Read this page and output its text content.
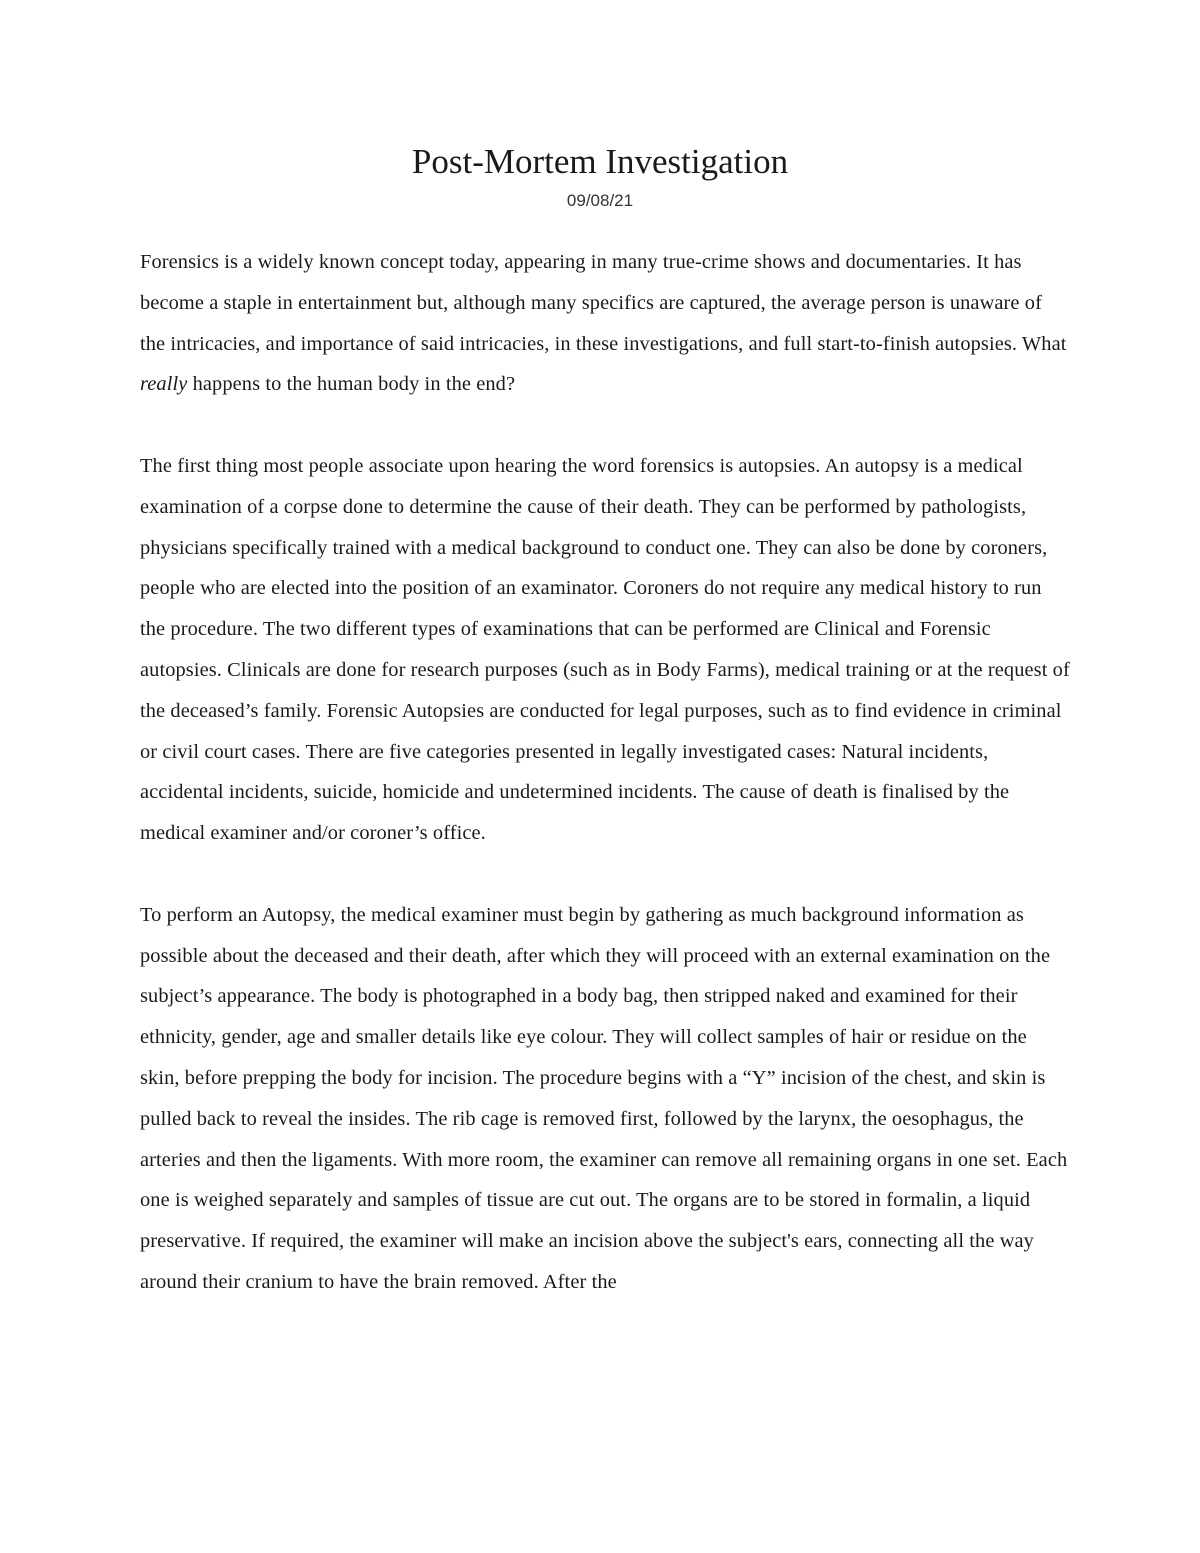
Post-Mortem Investigation
09/08/21

Forensics is a widely known concept today, appearing in many true-crime shows and documentaries. It has become a staple in entertainment but, although many specifics are captured, the average person is unaware of the intricacies, and importance of said intricacies, in these investigations, and full start-to-finish autopsies. What really happens to the human body in the end?

The first thing most people associate upon hearing the word forensics is autopsies. An autopsy is a medical examination of a corpse done to determine the cause of their death. They can be performed by pathologists, physicians specifically trained with a medical background to conduct one. They can also be done by coroners, people who are elected into the position of an examinator. Coroners do not require any medical history to run the procedure. The two different types of examinations that can be performed are Clinical and Forensic autopsies. Clinicals are done for research purposes (such as in Body Farms), medical training or at the request of the deceased’s family. Forensic Autopsies are conducted for legal purposes, such as to find evidence in criminal or civil court cases. There are five categories presented in legally investigated cases: Natural incidents, accidental incidents, suicide, homicide and undetermined incidents. The cause of death is finalised by the medical examiner and/or coroner’s office.

To perform an Autopsy, the medical examiner must begin by gathering as much background information as possible about the deceased and their death, after which they will proceed with an external examination on the subject’s appearance. The body is photographed in a body bag, then stripped naked and examined for their ethnicity, gender, age and smaller details like eye colour. They will collect samples of hair or residue on the skin, before prepping the body for incision. The procedure begins with a “Y” incision of the chest, and skin is pulled back to reveal the insides. The rib cage is removed first, followed by the larynx, the oesophagus, the arteries and then the ligaments. With more room, the examiner can remove all remaining organs in one set. Each one is weighed separately and samples of tissue are cut out. The organs are to be stored in formalin, a liquid preservative. If required, the examiner will make an incision above the subject's ears, connecting all the way around their cranium to have the brain removed. After the
